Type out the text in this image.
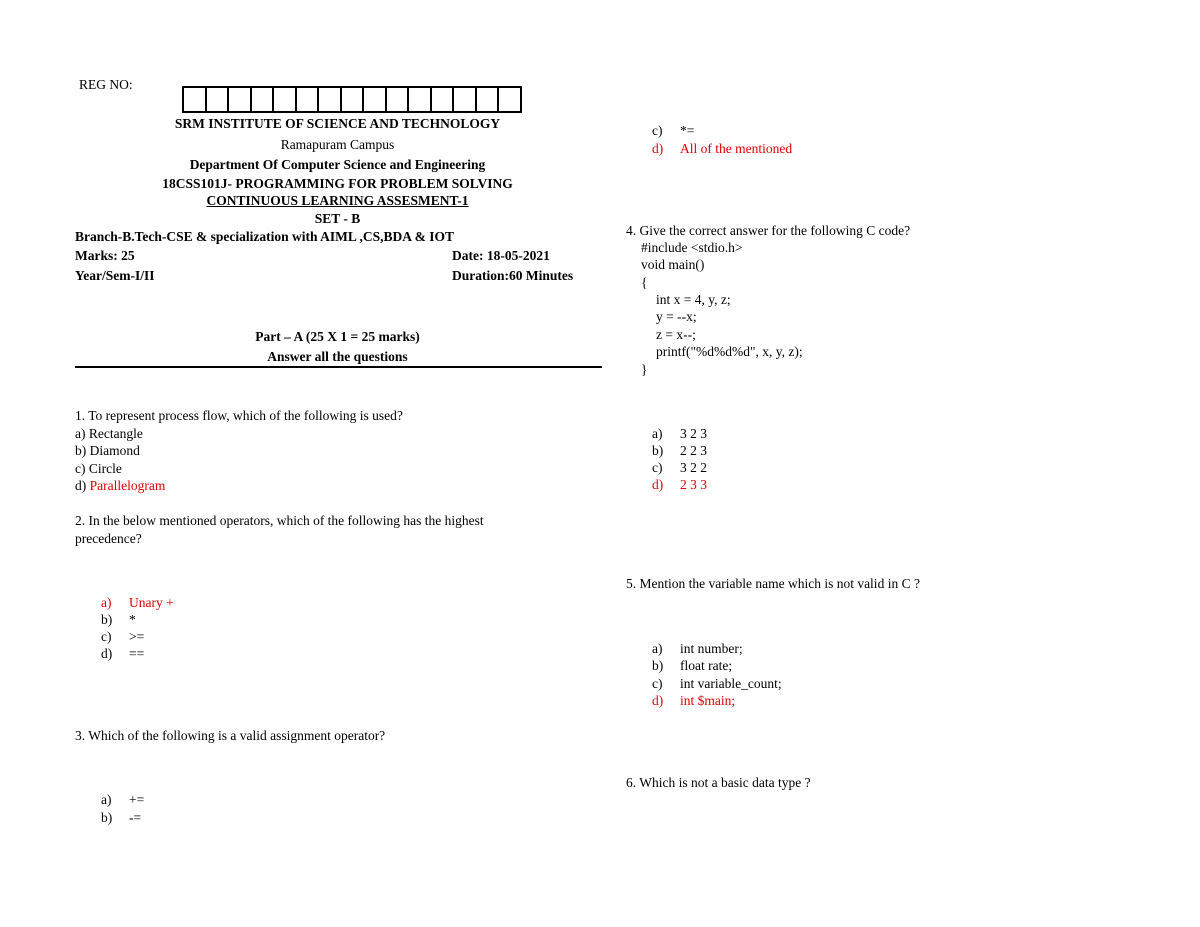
REG NO:
SRM INSTITUTE OF SCIENCE AND TECHNOLOGY
Ramapuram Campus
Department Of Computer Science and Engineering
18CSS101J- PROGRAMMING FOR PROBLEM SOLVING
CONTINUOUS LEARNING ASSESMENT-1
SET - B
Branch-B.Tech-CSE & specialization with AIML ,CS,BDA & IOT
Marks: 25	Date: 18-05-2021
Year/Sem-I/II	Duration:60 Minutes
Part – A (25 X 1 = 25 marks)
Answer all the questions
1. To represent process flow, which of the following is used?
a) Rectangle
b) Diamond
c) Circle
d) Parallelogram
2. In the below mentioned operators, which of the following has the highest
precedence?
a) Unary +
b) *
c) >=
d) ==
3. Which of the following is a valid assignment operator?
a) +=
b) -=
c) *=
d) All of the mentioned
4. Give the correct answer for the following C code?
#include <stdio.h>
void main()
{
int x = 4, y, z;
y = --x;
z = x--;
printf("%d%d%d", x, y, z);
}
a) 3 2 3
b) 2 2 3
c) 3 2 2
d) 2 3 3
5. Mention the variable name which is not valid in C ?
a) int number;
b) float rate;
c) int variable_count;
d) int $main;
6. Which is not a basic data type ?
